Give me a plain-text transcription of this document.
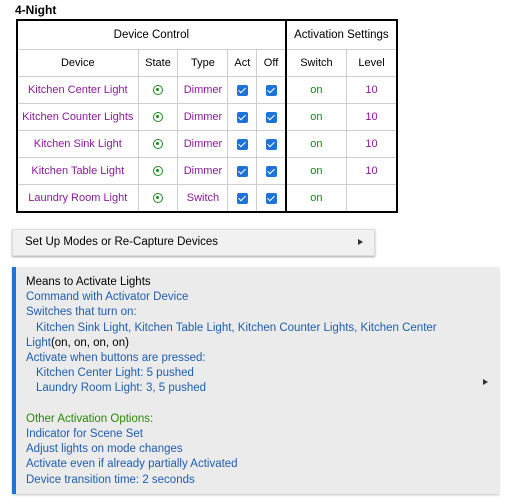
4-Night
Device Control					Activation Settings	
Device	State	Type	Act	Off	Switch	Level
Kitchen Center Light		Dimmer			on	10
Kitchen Counter Lights		Dimmer			on	10
Kitchen Sink Light		Dimmer			on	10
Kitchen Table Light		Dimmer			on	10
Laundry Room Light		Switch			on	
Set Up Modes or Re-Capture Devices
Means to Activate Lights
Command with Activator Device
Switches that turn on:
Kitchen Sink Light, Kitchen Table Light, Kitchen Counter Lights, Kitchen Center
Light(on, on, on, on)
Activate when buttons are pressed:
Kitchen Center Light: 5 pushed
Laundry Room Light: 3, 5 pushed

Other Activation Options:
Indicator for Scene Set
Adjust lights on mode changes
Activate even if already partially Activated
Device transition time: 2 seconds
